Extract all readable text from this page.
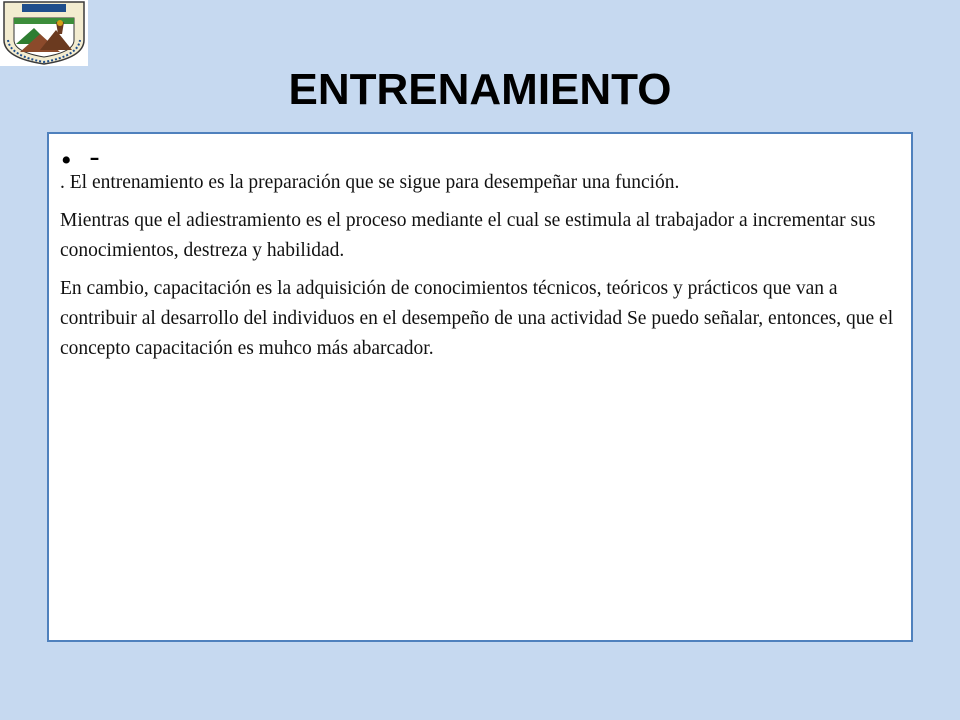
ENTRENAMIENTO
• -

. El entrenamiento es la preparación que se sigue para desempeñar una función.

Mientras que el adiestramiento es el proceso mediante el cual se estimula al trabajador a incrementar sus conocimientos, destreza y habilidad.

En cambio, capacitación es la adquisición de conocimientos técnicos, teóricos y prácticos que van a contribuir al desarrollo del individuos en el desempeño de una actividad Se puedo señalar, entonces, que el concepto capacitación es muhco más abarcador.
